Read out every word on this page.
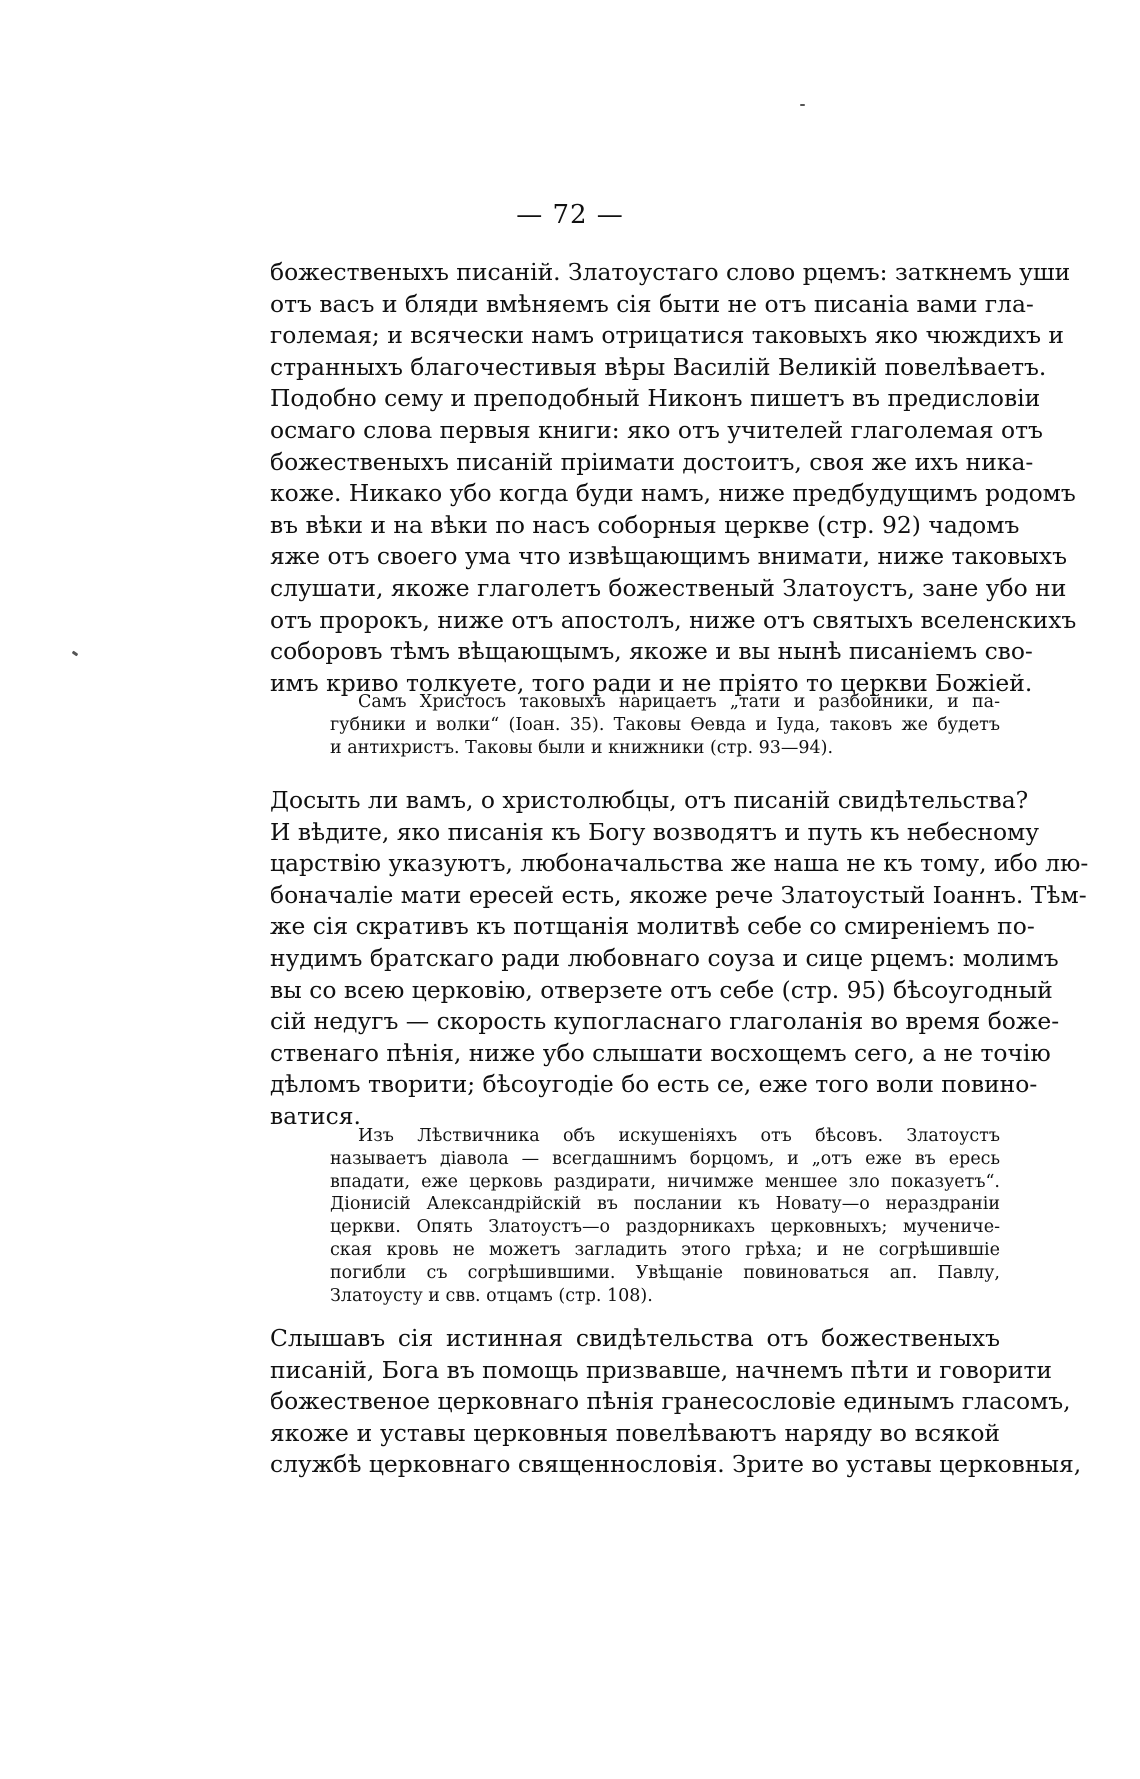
— 72 —
божественыхъ писаній. Златоустаго слово рцемъ: заткнемъ уши
отъ васъ и бляди вмѣняемъ сія быти не отъ писаніа вами гла-
големая; и всячески намъ отрицатися таковыхъ яко чюждихъ и
странныхъ благочестивыя вѣры Василій Великій повелѣваетъ.
Подобно сему и преподобный Никонъ пишетъ въ предисловіи
осмаго слова первыя книги: яко отъ учителей глаголемая отъ
божественыхъ писаній пріимати достоитъ, своя же ихъ ника-
коже. Никако убо когда буди намъ, ниже предбудущимъ родомъ
въ вѣки и на вѣки по насъ соборныя церкве (стр. 92) чадомъ
яже отъ своего ума что извѣщающимъ внимати, ниже таковыхъ
слушати, якоже глаголетъ божественый Златоустъ, зане убо ни
отъ пророкъ, ниже отъ апостолъ, ниже отъ святыхъ вселенскихъ
соборовъ тѣмъ вѣщающымъ, якоже и вы нынѣ писаніемъ сво-
имъ криво толкуете, того ради и не пріято то церкви Божіей.
Самъ Христосъ таковыхъ нарицаетъ „тати и разбойники, и па-
губники и волки“ (Іоан. 35). Таковы Ѳевда и Іуда, таковъ же будетъ
и антихристъ. Таковы были и книжники (стр. 93—94).
Досыть ли вамъ, о христолюбцы, отъ писаній свидѣтельства?
И вѣдите, яко писанія къ Богу возводятъ и путь къ небесному
царствію указуютъ, любоначальства же наша не къ тому, ибо лю-
боначаліе мати ересей есть, якоже рече Златоустый Іоаннъ. Тѣм-
же сія скративъ къ потщанія молитвѣ себе со смиреніемъ по-
нудимъ братскаго ради любовнаго соуза и сице рцемъ: молимъ
вы со всею церковію, отверзете отъ себе (стр. 95) бѣсоугодный
сій недугъ — скорость купогласнаго глаголанія во время боже-
ственаго пѣнія, ниже убо слышати восхощемъ сего, а не точію
дѣломъ творити; бѣсоугодіе бо есть се, еже того воли повино-
ватися.
Изъ Лѣствичника объ искушеніяхъ отъ бѣсовъ. Златоустъ
называетъ діавола — всегдашнимъ борцомъ, и „отъ еже въ ересь
впадати, еже церковь раздирати, ничимже меншее зло показуетъ“.
Діонисій Александрійскій въ послании къ Новату—о нераздраніи
церкви. Опять Златоустъ—о раздорникахъ церковныхъ; мучениче-
ская кровь не можетъ загладить этого грѣха; и не согрѣшившіе
погибли съ согрѣшившими. Увѣщаніе повиноваться ап. Павлу,
Златоусту и свв. отцамъ (стр. 108).
Слышавъ сія истинная свидѣтельства отъ божественыхъ
писаній, Бога въ помощь призвавше, начнемъ пѣти и говорити
божественое церковнаго пѣнія гранесословіе единымъ гласомъ,
якоже и уставы церковныя повелѣваютъ наряду во всякой
службѣ церковнаго священнословія. Зрите во уставы церковныя,
